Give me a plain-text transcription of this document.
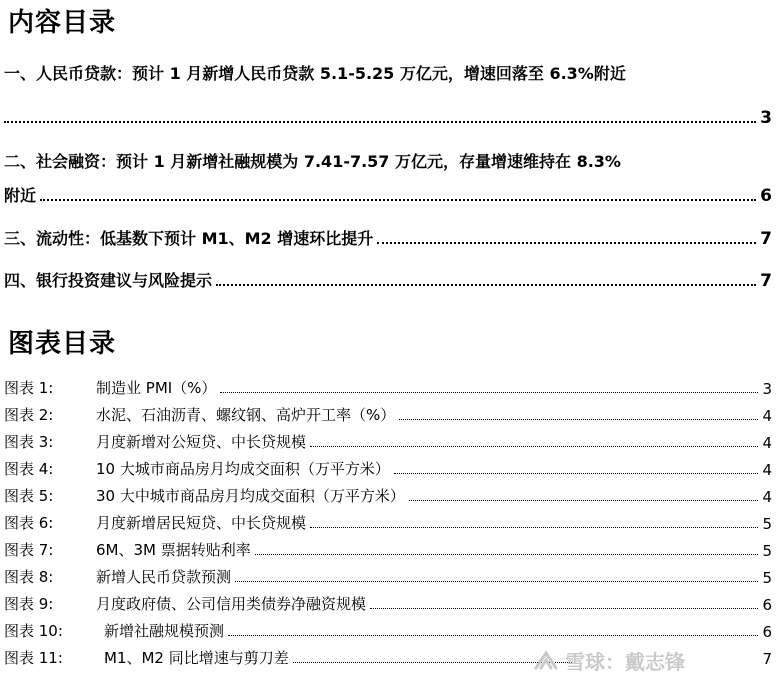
内容目录
一、人民币贷款：预计 1 月新增人民币贷款 5.1-5.25 万亿元，增速回落至 6.3%附近
3
二、社会融资：预计 1 月新增社融规模为 7.41-7.57 万亿元，存量增速维持在 8.3%
附近	6
三、流动性：低基数下预计 M1、M2 增速环比提升	7
四、银行投资建议与风险提示	7
图表目录
图表 1:	制造业 PMI（%）	3
图表 2:	水泥、石油沥青、螺纹钢、高炉开工率（%）	4
图表 3:	月度新增对公短贷、中长贷规模	4
图表 4:	10 大城市商品房月均成交面积（万平方米）	4
图表 5:	30 大中城市商品房月均成交面积（万平方米）	4
图表 6:	月度新增居民短贷、中长贷规模	5
图表 7:	6M、3M 票据转贴利率	5
图表 8:	新增人民币贷款预测	5
图表 9:	月度政府债、公司信用类债券净融资规模	6
图表 10:	新增社融规模预测	6
图表 11:	M1、M2 同比增速与剪刀差	7
雪球：戴志锋
